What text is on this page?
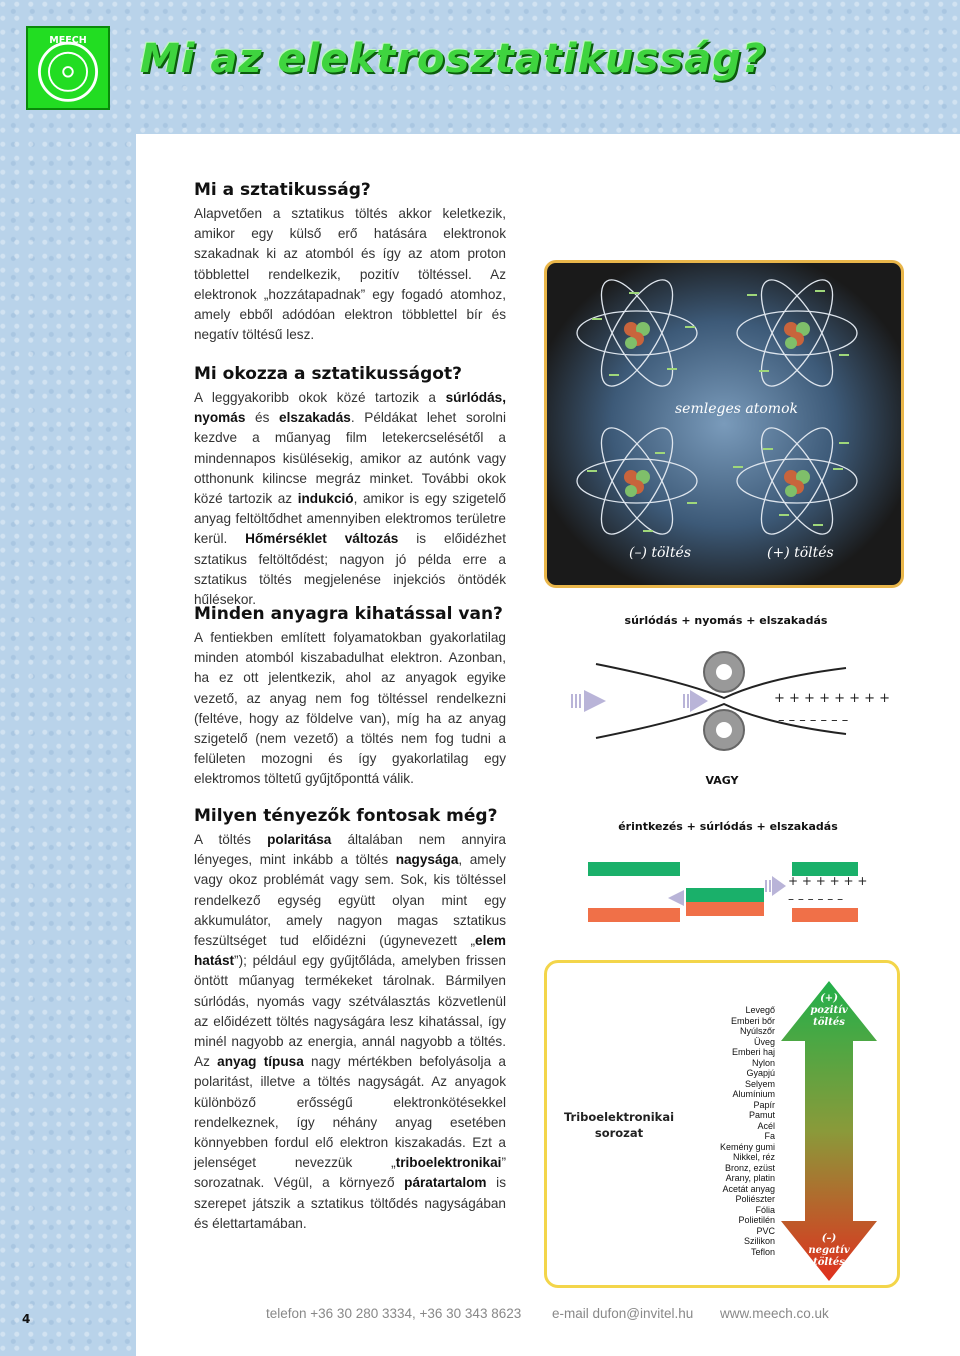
MEECH Mi az elektrosztatikusság?
Mi a sztatikusság?

Alapvetően a sztatikus töltés akkor keletkezik, amikor egy külső erő hatására elektronok szakadnak ki az atomból és így az atom proton többlettel rendelkezik, pozitív töltéssel. Az elektronok „hozzátapadnak” egy fogadó atomhoz, amely ebből adódóan elektron többlettel bír és negatív töltésű lesz.

Mi okozza a sztatikusságot?

A leggyakoribb okok közé tartozik a súrlódás, nyomás és elszakadás. Példákat lehet sorolni kezdve a műanyag film letekercselésétől a mindennapos kisülésekig, amikor az autónk vagy otthonunk kilincse megráz minket. További okok közé tartozik az indukció, amikor is egy szigetelő anyag feltöltődhet amennyiben elektromos területre kerül. Hőmérséklet változás is előidézhet sztatikus feltöltődést; nagyon jó példa erre a sztatikus töltés megjelenése injekciós öntödék hűlésekor.

Minden anyagra kihatással van?

A fentiekben említett folyamatokban gyakorlatilag minden atomból kiszabadulhat elektron. Azonban, ha ez ott jelentkezik, ahol az anyagok egyike vezető, az anyag nem fog töltéssel rendelkezni (feltéve, hogy az földelve van), míg ha az anyag szigetelő (nem vezető) a töltés nem fog tudni a felületen mozogni és így gyakorlatilag egy elektromos töltetű gyűjtőponttá válik.

Milyen tényezők fontosak még?

A töltés polaritása általában nem annyira lényeges, mint inkább a töltés nagysága, amely vagy okoz problémát vagy sem. Sok, kis töltéssel rendelkező egység együtt olyan mint egy akkumulátor, amely nagyon magas sztatikus feszültséget tud előidézni (úgynevezett „elem hatást”); például egy gyűjtőláda, amelyben frissen öntött műanyag termékeket tárolnak. Bármilyen súrlódás, nyomás vagy szétválasztás közvetlenül az előidézett töltés nagyságára lesz kihatással, így minél nagyobb az energia, annál nagyobb a töltés. Az anyag típusa nagy mértékben befolyásolja a polaritást, illetve a töltés nagyságát. Az anyagok különböző erősségű elektronkötésekkel rendelkeznek, így néhány anyag esetében könnyebben fordul elő elektron kiszakadás. Ezt a jelenséget nevezzük „triboelektronikai” sorozatnak. Végül, a környező páratartalom is szerepet játszik a sztatikus töltődés nagyságában és élettartamában.

semleges atomok
(–) töltés	(+) töltés
súrlódás + nyomás + elszakadás
+ + + + + + + +
– – – – – – –
VAGY
érintkezés + súrlódás + elszakadás
+ + + + + +
– – – – – –
Triboelektronikai sorozat
Levegő
Emberi bőr
Nyúlszőr
Üveg
Emberi haj
Nylon
Gyapjú
Selyem
Alumínium
Papír
Pamut
Acél
Fa
Kemény gumi
Nikkel, réz
Bronz, ezüst
Arany, platin
Acetát anyag
Poliészter
Fólia
Polietilén
PVC
Szilikon
Teflon
(+)
pozitív
töltés
(–)
negatív
töltés
4	telefon +36 30 280 3334, +36 30 343 8623 e-mail dufon@invitel.hu www.meech.co.uk
